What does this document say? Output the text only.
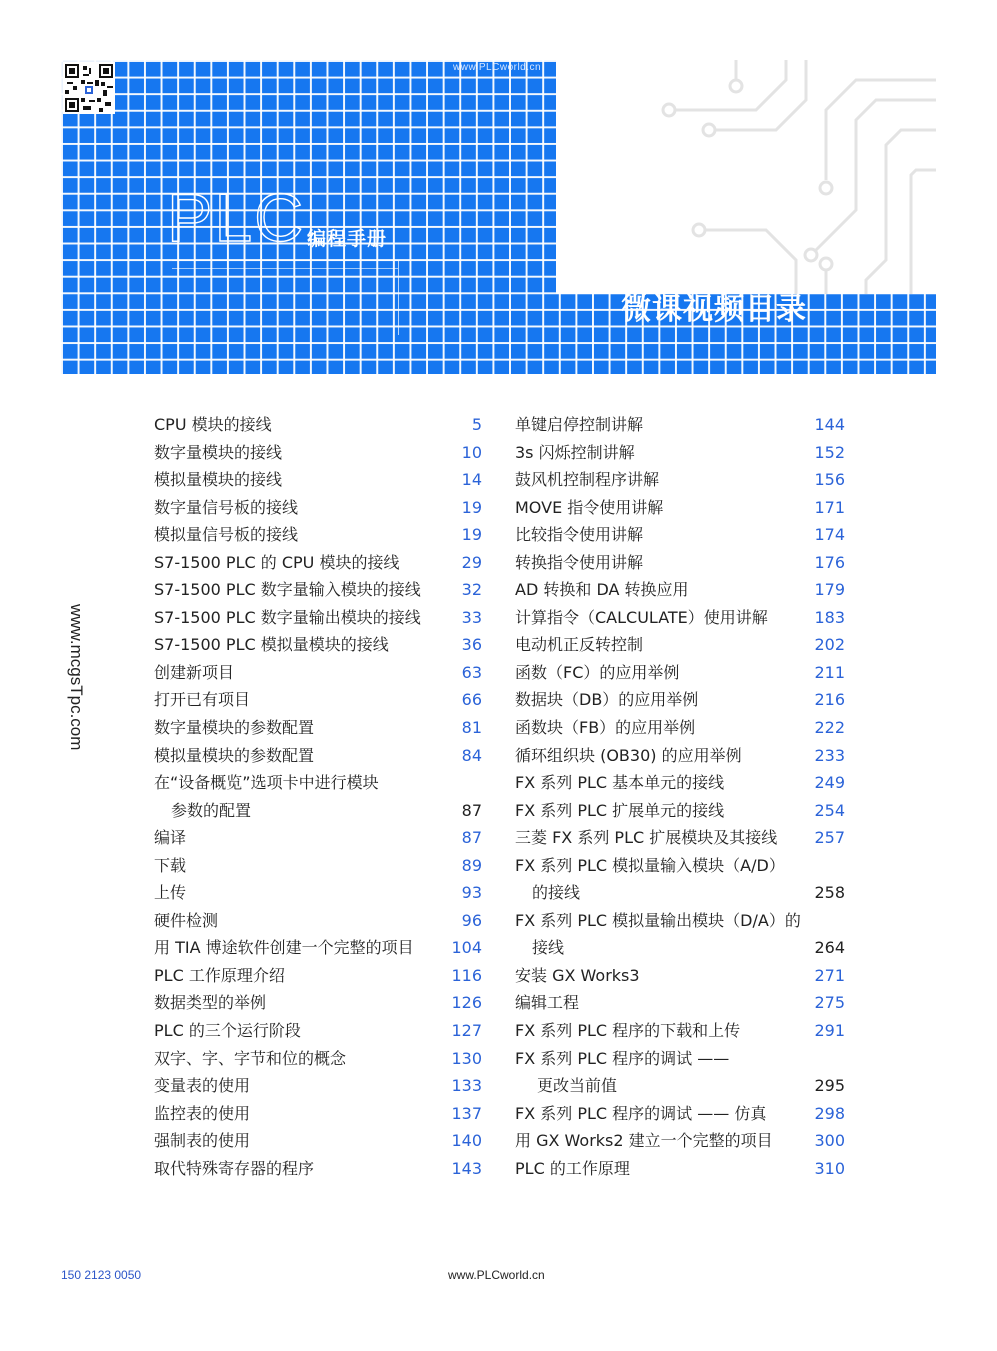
www.PLCworld.cn
PLC 编程手册
微课视频目录
www.mcgsTpc.com
CPU 模块的接线	5
数字量模块的接线	10
模拟量模块的接线	14
数字量信号板的接线	19
模拟量信号板的接线	19
S7-1500 PLC 的 CPU 模块的接线	29
S7-1500 PLC 数字量输入模块的接线	32
S7-1500 PLC 数字量输出模块的接线	33
S7-1500 PLC 模拟量模块的接线	36
创建新项目	63
打开已有项目	66
数字量模块的参数配置	81
模拟量模块的参数配置	84
在“设备概览”选项卡中进行模块
参数的配置	87
编译	87
下载	89
上传	93
硬件检测	96
用 TIA 博途软件创建一个完整的项目 104
PLC 工作原理介绍	116
数据类型的举例	126
PLC 的三个运行阶段	127
双字、字、字节和位的概念	130
变量表的使用	133
监控表的使用	137
强制表的使用	140
取代特殊寄存器的程序	143
单键启停控制讲解	144
3s 闪烁控制讲解	152
鼓风机控制程序讲解	156
MOVE 指令使用讲解	171
比较指令使用讲解	174
转换指令使用讲解	176
AD 转换和 DA 转换应用	179
计算指令（CALCULATE）使用讲解	183
电动机正反转控制	202
函数（FC）的应用举例	211
数据块（DB）的应用举例	216
函数块（FB）的应用举例	222
循环组织块 (OB30) 的应用举例	233
FX 系列 PLC 基本单元的接线	249
FX 系列 PLC 扩展单元的接线	254
三菱 FX 系列 PLC 扩展模块及其接线 257
FX 系列 PLC 模拟量输入模块（A/D）
的接线	258
FX 系列 PLC 模拟量输出模块（D/A）的
接线	264
安装 GX Works3	271
编辑工程	275
FX 系列 PLC 程序的下载和上传	291
FX 系列 PLC 程序的调试 ——
更改当前值	295
FX 系列 PLC 程序的调试 —— 仿真	298
用 GX Works2 建立一个完整的项目	300
PLC 的工作原理	310
150 2123 0050	www.PLCworld.cn
